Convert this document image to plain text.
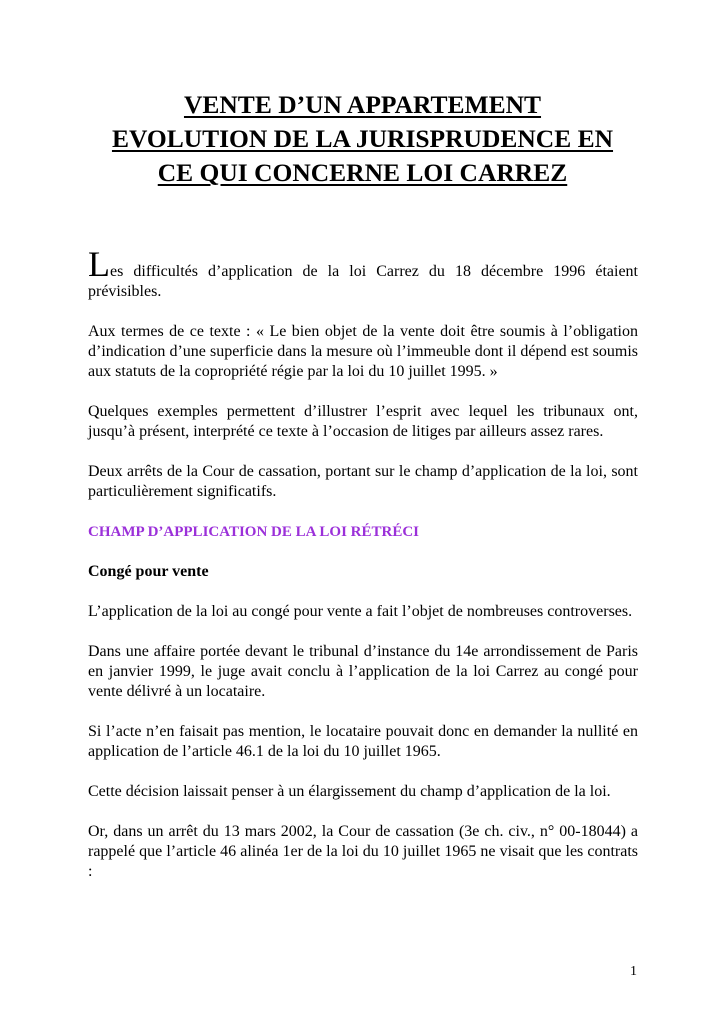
VENTE D’UN APPARTEMENT
EVOLUTION DE LA JURISPRUDENCE EN
CE QUI CONCERNE LOI CARREZ

Les difficultés d’application de la loi Carrez du 18 décembre 1996 étaient prévisibles.

Aux termes de ce texte : « Le bien objet de la vente doit être soumis à l’obligation d’indication d’une superficie dans la mesure où l’immeuble dont il dépend est soumis aux statuts de la copropriété régie par la loi du 10 juillet 1995. »

Quelques exemples permettent d’illustrer l’esprit avec lequel les tribunaux ont, jusqu’à présent, interprété ce texte à l’occasion de litiges par ailleurs assez rares.

Deux arrêts de la Cour de cassation, portant sur le champ d’application de la loi, sont particulièrement significatifs.

CHAMP D’APPLICATION DE LA LOI RÉTRÉCI
Congé pour vente

L’application de la loi au congé pour vente a fait l’objet de nombreuses controverses.

Dans une affaire portée devant le tribunal d’instance du 14e arrondissement de Paris en janvier 1999, le juge avait conclu à l’application de la loi Carrez au congé pour vente délivré à un locataire.

Si l’acte n’en faisait pas mention, le locataire pouvait donc en demander la nullité en application de l’article 46.1 de la loi du 10 juillet 1965.

Cette décision laissait penser à un élargissement du champ d’application de la loi.

Or, dans un arrêt du 13 mars 2002, la Cour de cassation (3e ch. civ., n° 00-18044) a rappelé que l’article 46 alinéa 1er de la loi du 10 juillet 1965 ne visait que les contrats :

1
